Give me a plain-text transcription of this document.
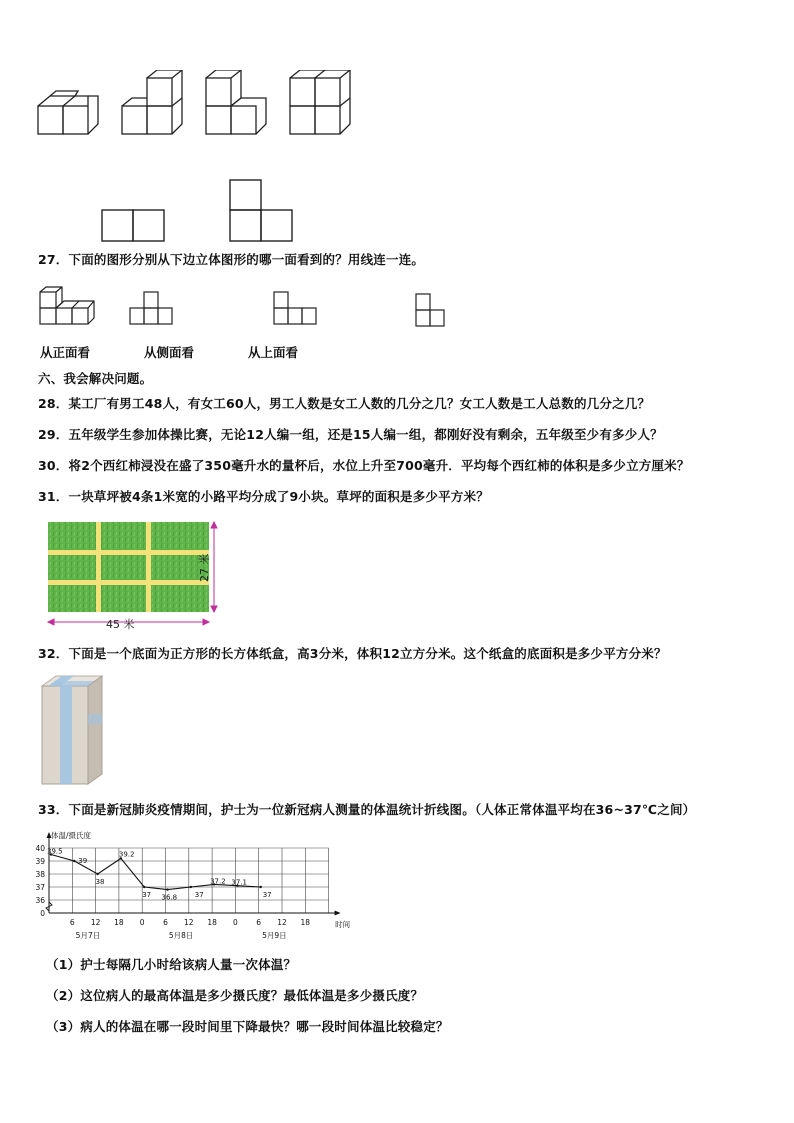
27．下面的图形分别从下边立体图形的哪一面看到的？用线连一连。
从正面看	从侧面看	从上面看
六、我会解决问题。
28．某工厂有男工48人，有女工60人，男工人数是女工人数的几分之几？女工人数是工人总数的几分之几？
29．五年级学生参加体操比赛，无论12人编一组，还是15人编一组，都刚好没有剩余，五年级至少有多少人？
30．将2个西红柿浸没在盛了350毫升水的量杯后，水位上升至700毫升．平均每个西红柿的体积是多少立方厘米？
31．一块草坪被4条1米宽的小路平均分成了9小块。草坪的面积是多少平方米？
45 米
27 米
32．下面是一个底面为正方形的长方体纸盒，高3分米，体积12立方分米。这个纸盒的底面积是多少平方分米？
33．下面是新冠肺炎疫情期间，护士为一位新冠病人测量的体温统计折线图。（人体正常体温平均在36~37℃之间）
体温/摄氏度
40
39
38
37
36
0
6 12 18 0 6 12 18 0 6 12 18	时间
5月7日	5月8日	5月9日
39.5
39
38
39.2
37 36.8	37
37.2 37.1
37
（1）护士每隔几小时给该病人量一次体温？
（2）这位病人的最高体温是多少摄氏度？最低体温是多少摄氏度？
（3）病人的体温在哪一段时间里下降最快？哪一段时间体温比较稳定？
